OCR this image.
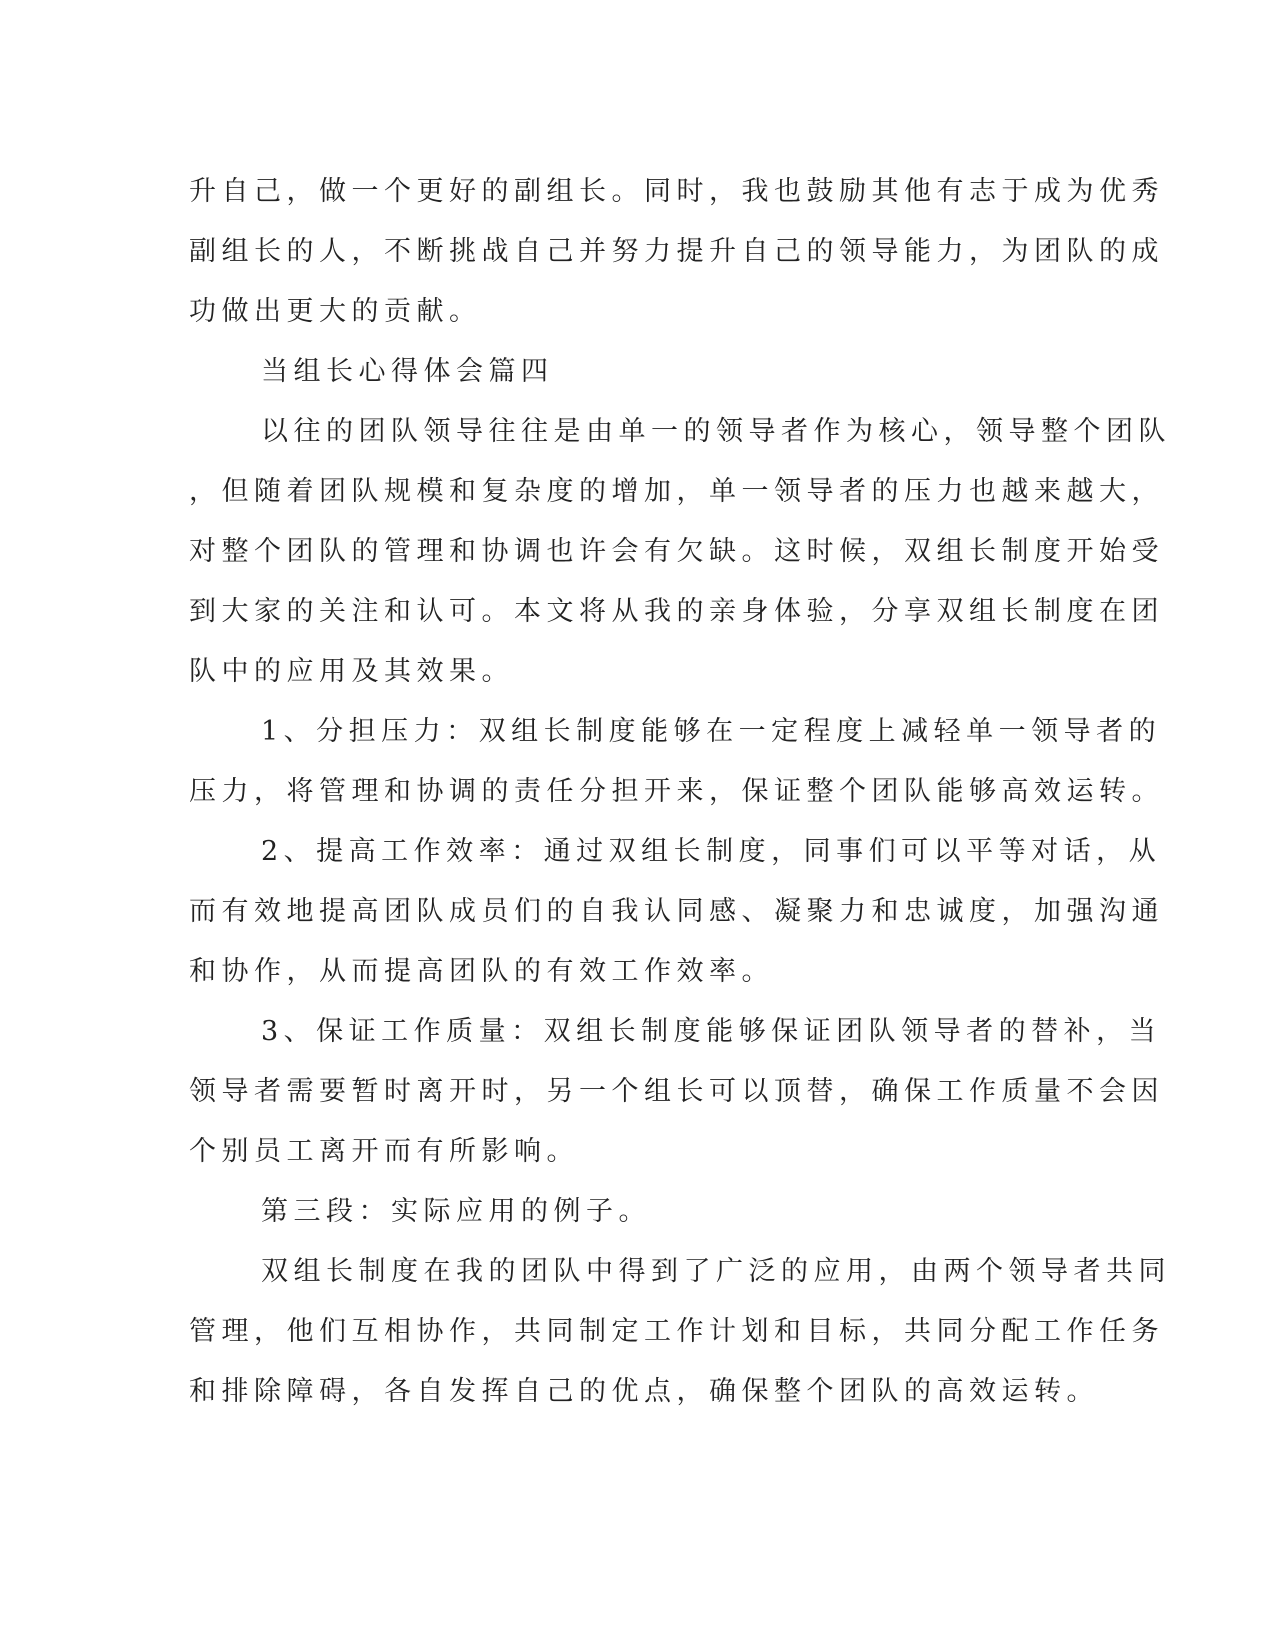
升自己，做一个更好的副组长。同时，我也鼓励其他有志于成为优秀
副组长的人，不断挑战自己并努力提升自己的领导能力，为团队的成
功做出更大的贡献。
当组长心得体会篇四
以往的团队领导往往是由单一的领导者作为核心，领导整个团队
，但随着团队规模和复杂度的增加，单一领导者的压力也越来越大，
对整个团队的管理和协调也许会有欠缺。这时候，双组长制度开始受
到大家的关注和认可。本文将从我的亲身体验，分享双组长制度在团
队中的应用及其效果。
1、分担压力：双组长制度能够在一定程度上减轻单一领导者的
压力，将管理和协调的责任分担开来，保证整个团队能够高效运转。
2、提高工作效率：通过双组长制度，同事们可以平等对话，从
而有效地提高团队成员们的自我认同感、凝聚力和忠诚度，加强沟通
和协作，从而提高团队的有效工作效率。
3、保证工作质量：双组长制度能够保证团队领导者的替补，当
领导者需要暂时离开时，另一个组长可以顶替，确保工作质量不会因
个别员工离开而有所影响。
第三段：实际应用的例子。
双组长制度在我的团队中得到了广泛的应用，由两个领导者共同
管理，他们互相协作，共同制定工作计划和目标，共同分配工作任务
和排除障碍，各自发挥自己的优点，确保整个团队的高效运转。
